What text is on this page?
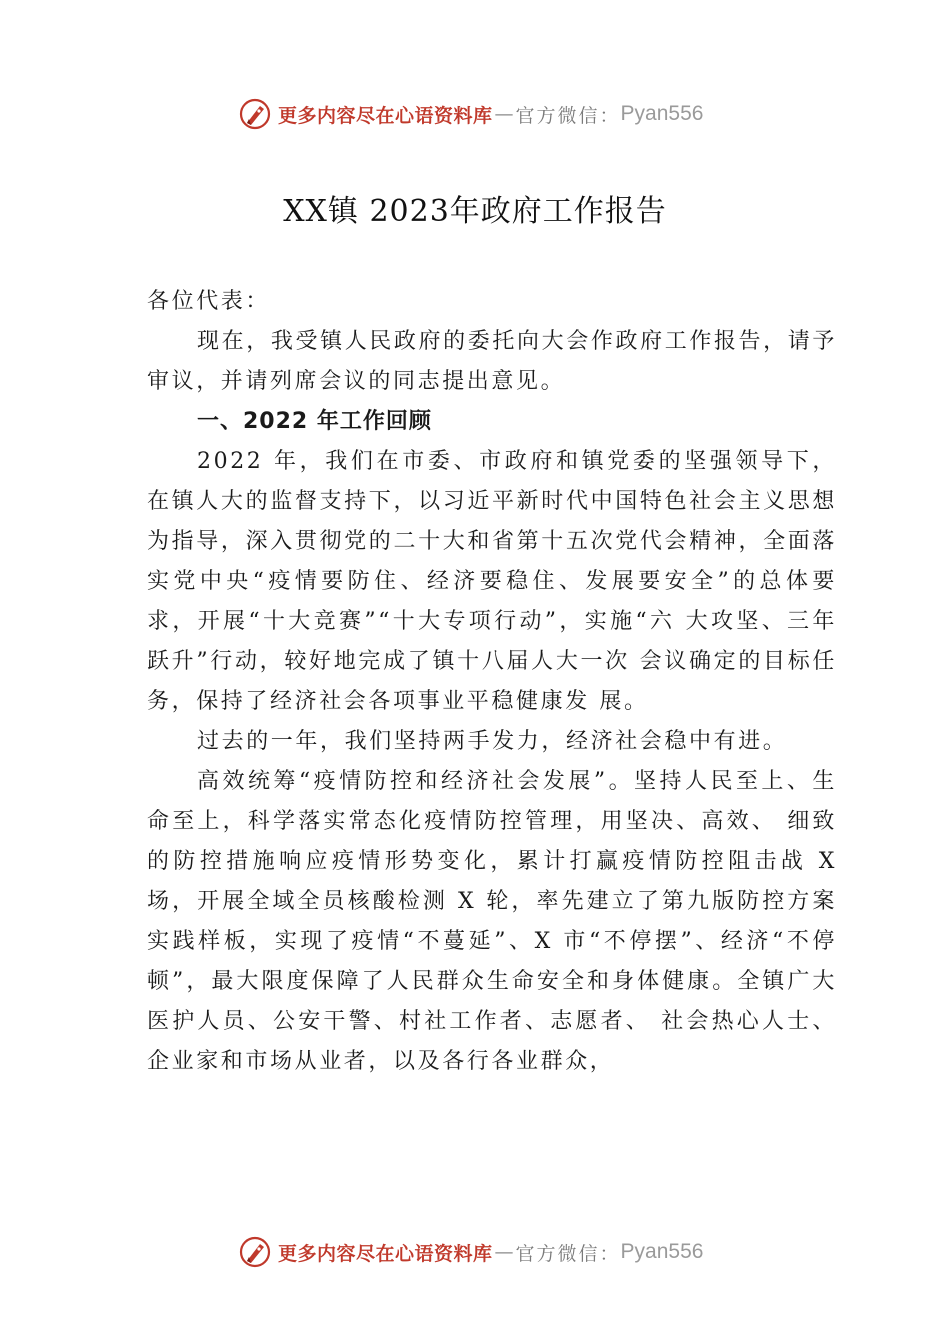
更多内容尽在心语资料库 — 官方微信： Pyan556
XX镇 2023年政府工作报告

各位代表：

现在，我受镇人民政府的委托向大会作政府工作报告，请予审议，并请列席会议的同志提出意见。

一、2022 年工作回顾

2022 年，我们在市委、市政府和镇党委的坚强领导下，在镇人大的监督支持下，以习近平新时代中国特色社会主义思想为指导，深入贯彻党的二十大和省第十五次党代会精神，全面落实党中央“疫情要防住、经济要稳住、发展要安全”的总体要求，开展“十大竞赛”“十大专项行动”，实施“六 大攻坚、三年跃升”行动，较好地完成了镇十八届人大一次 会议确定的目标任务，保持了经济社会各项事业平稳健康发 展。

过去的一年，我们坚持两手发力，经济社会稳中有进。

高效统筹“疫情防控和经济社会发展”。坚持人民至上、生命至上，科学落实常态化疫情防控管理，用坚决、高效、 细致的防控措施响应疫情形势变化，累计打赢疫情防控阻击战 X 场，开展全域全员核酸检测 X 轮，率先建立了第九版防控方案实践样板，实现了疫情“不蔓延”、X 市“不停摆”、经济“不停顿”，最大限度保障了人民群众生命安全和身体健康。全镇广大医护人员、公安干警、村社工作者、志愿者、 社会热心人士、企业家和市场从业者，以及各行各业群众，

更多内容尽在心语资料库 — 官方微信： Pyan556
